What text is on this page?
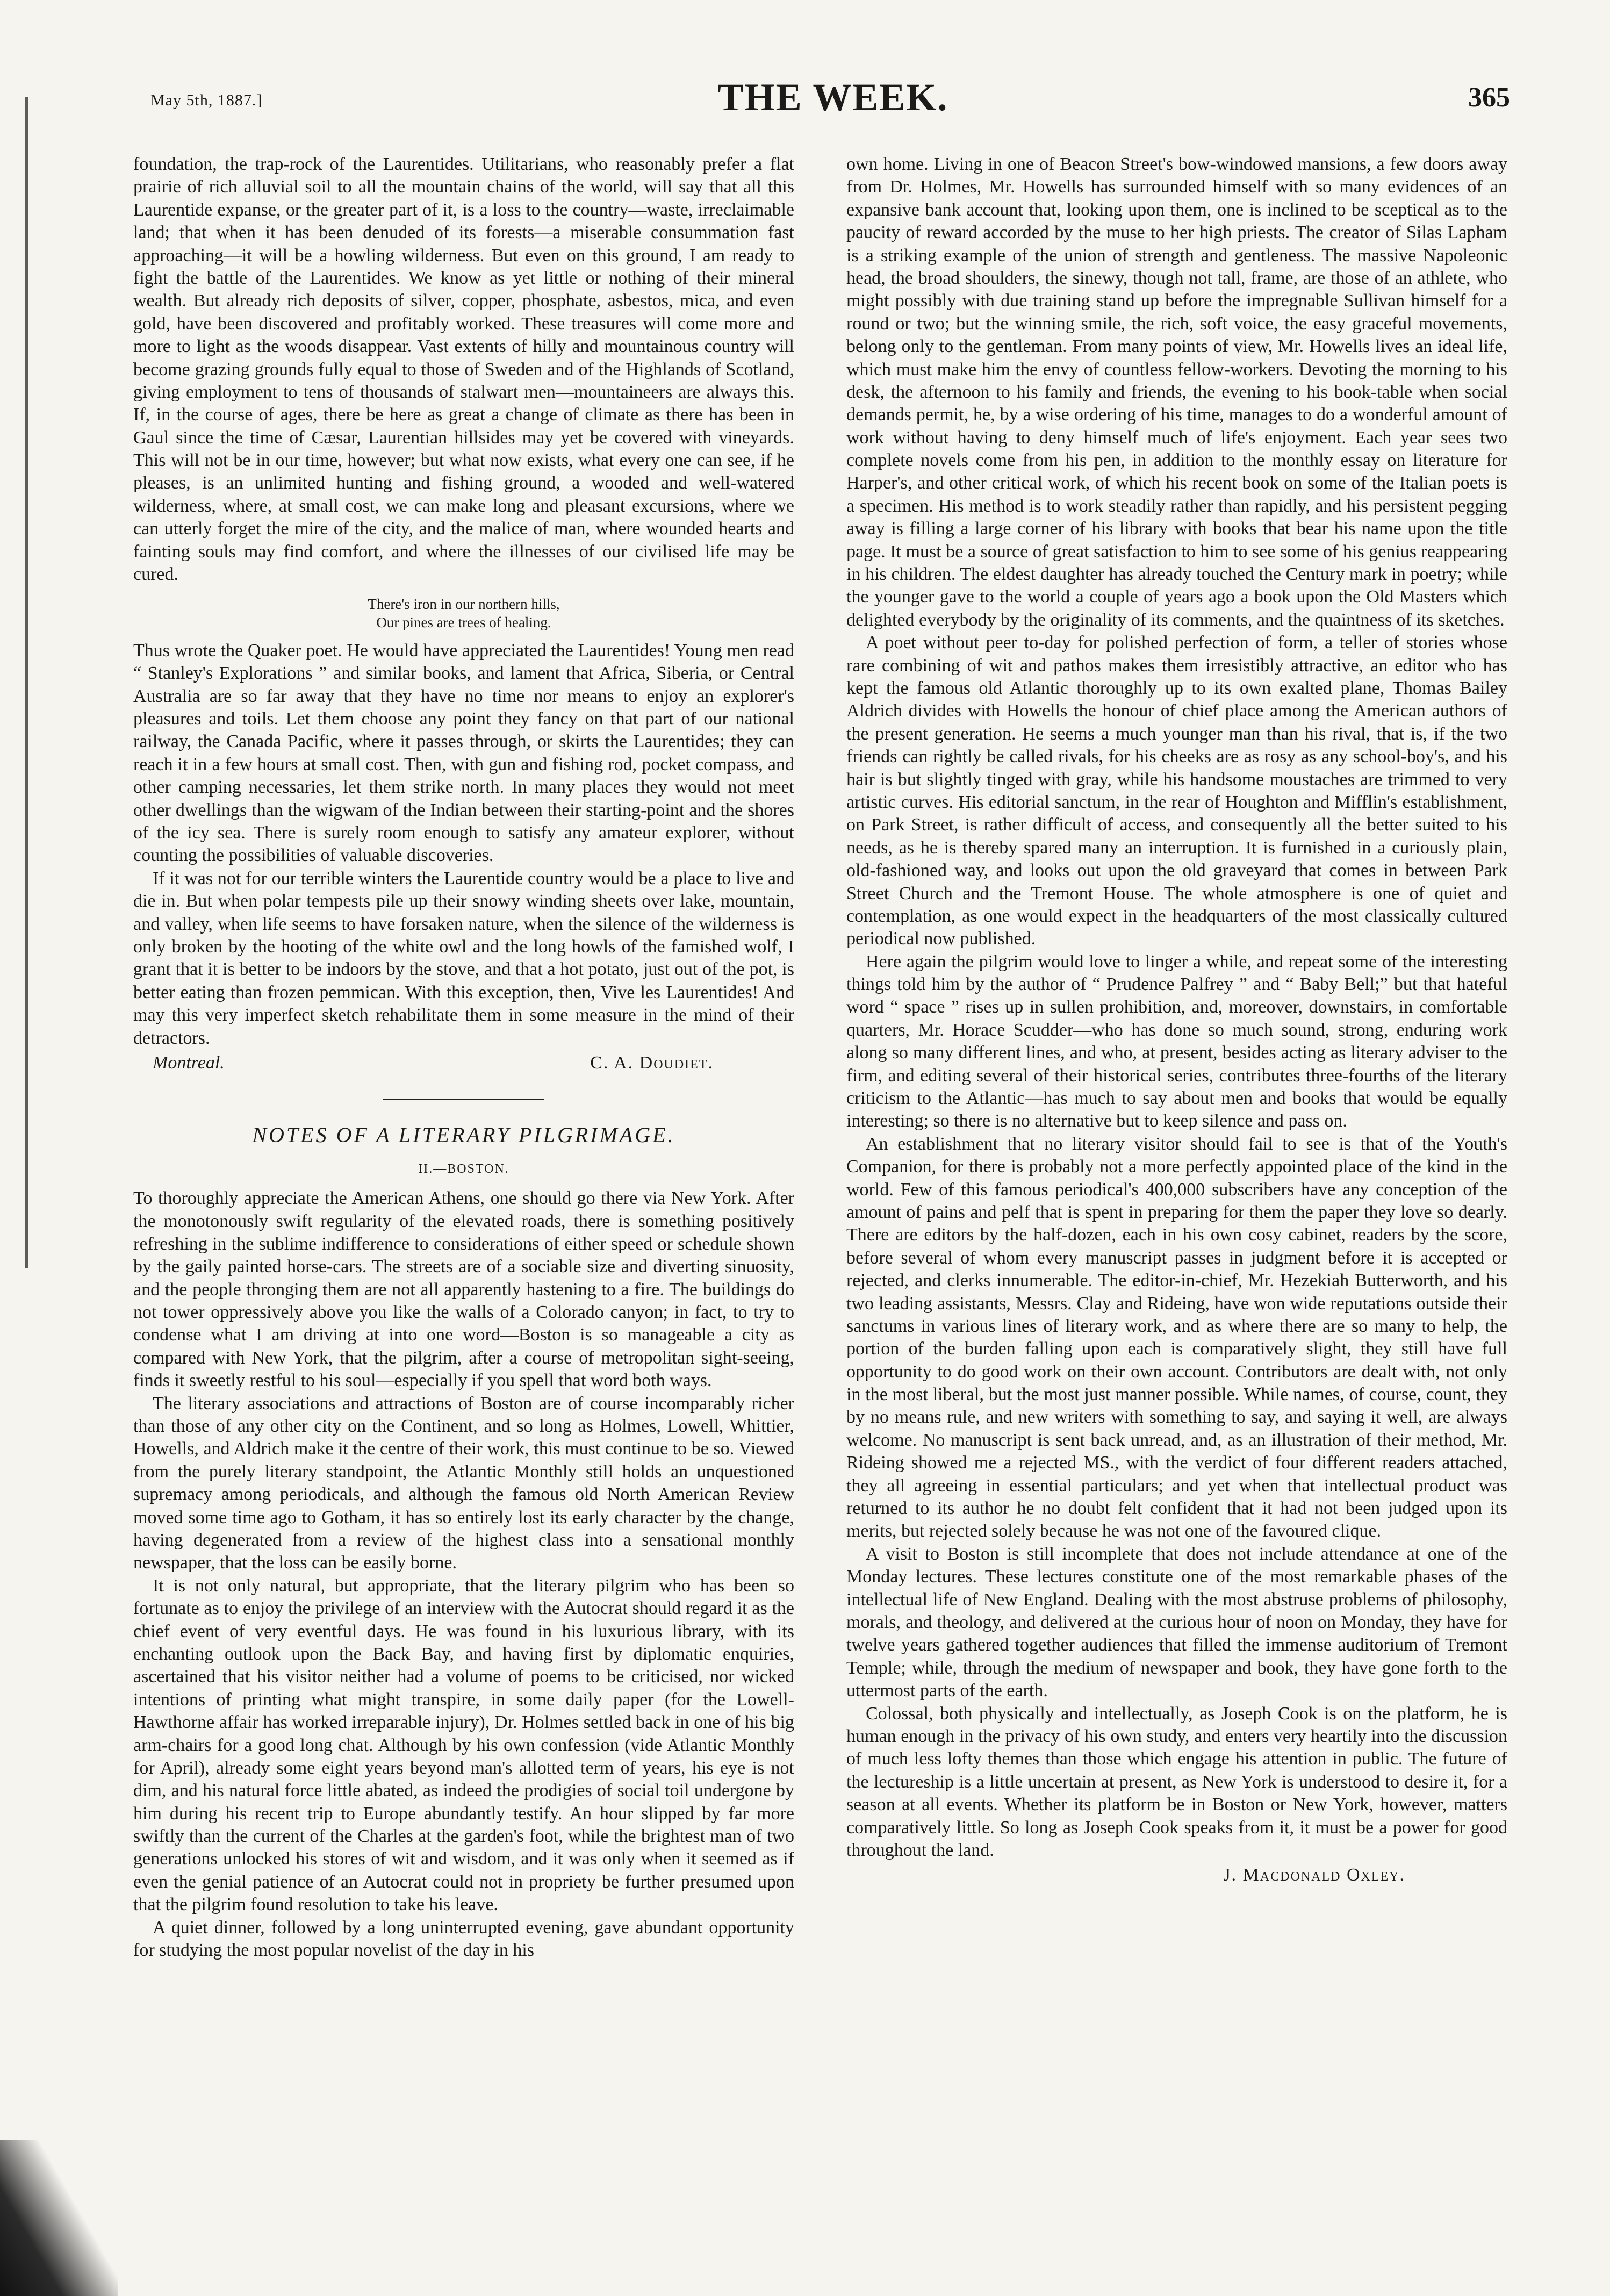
May 5th, 1887.]	THE WEEK.	365

foundation, the trap-rock of the Laurentides. Utilitarians, who reasonably prefer a flat prairie of rich alluvial soil to all the mountain chains of the world, will say that all this Laurentide expanse, or the greater part of it, is a loss to the country—waste, irreclaimable land; that when it has been denuded of its forests—a miserable consummation fast approaching—it will be a howling wilderness. But even on this ground, I am ready to fight the battle of the Laurentides. We know as yet little or nothing of their mineral wealth. But already rich deposits of silver, copper, phosphate, asbestos, mica, and even gold, have been discovered and profitably worked. These treasures will come more and more to light as the woods disappear. Vast extents of hilly and mountainous country will become grazing grounds fully equal to those of Sweden and of the Highlands of Scotland, giving employment to tens of thousands of stalwart men—mountaineers are always this. If, in the course of ages, there be here as great a change of climate as there has been in Gaul since the time of Cæsar, Laurentian hillsides may yet be covered with vineyards. This will not be in our time, however; but what now exists, what every one can see, if he pleases, is an unlimited hunting and fishing ground, a wooded and well-watered wilderness, where, at small cost, we can make long and pleasant excursions, where we can utterly forget the mire of the city, and the malice of man, where wounded hearts and fainting souls may find comfort, and where the illnesses of our civilised life may be cured.

There's iron in our northern hills,
Our pines are trees of healing.

Thus wrote the Quaker poet. He would have appreciated the Laurentides! Young men read “ Stanley's Explorations ” and similar books, and lament that Africa, Siberia, or Central Australia are so far away that they have no time nor means to enjoy an explorer's pleasures and toils. Let them choose any point they fancy on that part of our national railway, the Canada Pacific, where it passes through, or skirts the Laurentides; they can reach it in a few hours at small cost. Then, with gun and fishing rod, pocket compass, and other camping necessaries, let them strike north. In many places they would not meet other dwellings than the wigwam of the Indian between their starting-point and the shores of the icy sea. There is surely room enough to satisfy any amateur explorer, without counting the possibilities of valuable discoveries.

If it was not for our terrible winters the Laurentide country would be a place to live and die in. But when polar tempests pile up their snowy winding sheets over lake, mountain, and valley, when life seems to have forsaken nature, when the silence of the wilderness is only broken by the hooting of the white owl and the long howls of the famished wolf, I grant that it is better to be indoors by the stove, and that a hot potato, just out of the pot, is better eating than frozen pemmican. With this exception, then, Vive les Laurentides! And may this very imperfect sketch rehabilitate them in some measure in the mind of their detractors.

Montreal.	C. A. Doudiet.
NOTES OF A LITERARY PILGRIMAGE.
II.—BOSTON.

To thoroughly appreciate the American Athens, one should go there via New York. After the monotonously swift regularity of the elevated roads, there is something positively refreshing in the sublime indifference to considerations of either speed or schedule shown by the gaily painted horse-cars. The streets are of a sociable size and diverting sinuosity, and the people thronging them are not all apparently hastening to a fire. The buildings do not tower oppressively above you like the walls of a Colorado canyon; in fact, to try to condense what I am driving at into one word—Boston is so manageable a city as compared with New York, that the pilgrim, after a course of metropolitan sight-seeing, finds it sweetly restful to his soul—especially if you spell that word both ways.

The literary associations and attractions of Boston are of course incomparably richer than those of any other city on the Continent, and so long as Holmes, Lowell, Whittier, Howells, and Aldrich make it the centre of their work, this must continue to be so. Viewed from the purely literary standpoint, the Atlantic Monthly still holds an unquestioned supremacy among periodicals, and although the famous old North American Review moved some time ago to Gotham, it has so entirely lost its early character by the change, having degenerated from a review of the highest class into a sensational monthly newspaper, that the loss can be easily borne.

It is not only natural, but appropriate, that the literary pilgrim who has been so fortunate as to enjoy the privilege of an interview with the Autocrat should regard it as the chief event of very eventful days. He was found in his luxurious library, with its enchanting outlook upon the Back Bay, and having first by diplomatic enquiries, ascertained that his visitor neither had a volume of poems to be criticised, nor wicked intentions of printing what might transpire, in some daily paper (for the Lowell-Hawthorne affair has worked irreparable injury), Dr. Holmes settled back in one of his big arm-chairs for a good long chat. Although by his own confession (vide Atlantic Monthly for April), already some eight years beyond man's allotted term of years, his eye is not dim, and his natural force little abated, as indeed the prodigies of social toil undergone by him during his recent trip to Europe abundantly testify. An hour slipped by far more swiftly than the current of the Charles at the garden's foot, while the brightest man of two generations unlocked his stores of wit and wisdom, and it was only when it seemed as if even the genial patience of an Autocrat could not in propriety be further presumed upon that the pilgrim found resolution to take his leave.

A quiet dinner, followed by a long uninterrupted evening, gave abundant opportunity for studying the most popular novelist of the day in his

own home. Living in one of Beacon Street's bow-windowed mansions, a few doors away from Dr. Holmes, Mr. Howells has surrounded himself with so many evidences of an expansive bank account that, looking upon them, one is inclined to be sceptical as to the paucity of reward accorded by the muse to her high priests. The creator of Silas Lapham is a striking example of the union of strength and gentleness. The massive Napoleonic head, the broad shoulders, the sinewy, though not tall, frame, are those of an athlete, who might possibly with due training stand up before the impregnable Sullivan himself for a round or two; but the winning smile, the rich, soft voice, the easy graceful movements, belong only to the gentleman. From many points of view, Mr. Howells lives an ideal life, which must make him the envy of countless fellow-workers. Devoting the morning to his desk, the afternoon to his family and friends, the evening to his book-table when social demands permit, he, by a wise ordering of his time, manages to do a wonderful amount of work without having to deny himself much of life's enjoyment. Each year sees two complete novels come from his pen, in addition to the monthly essay on literature for Harper's, and other critical work, of which his recent book on some of the Italian poets is a specimen. His method is to work steadily rather than rapidly, and his persistent pegging away is filling a large corner of his library with books that bear his name upon the title page. It must be a source of great satisfaction to him to see some of his genius reappearing in his children. The eldest daughter has already touched the Century mark in poetry; while the younger gave to the world a couple of years ago a book upon the Old Masters which delighted everybody by the originality of its comments, and the quaintness of its sketches.

A poet without peer to-day for polished perfection of form, a teller of stories whose rare combining of wit and pathos makes them irresistibly attractive, an editor who has kept the famous old Atlantic thoroughly up to its own exalted plane, Thomas Bailey Aldrich divides with Howells the honour of chief place among the American authors of the present generation. He seems a much younger man than his rival, that is, if the two friends can rightly be called rivals, for his cheeks are as rosy as any school-boy's, and his hair is but slightly tinged with gray, while his handsome moustaches are trimmed to very artistic curves. His editorial sanctum, in the rear of Houghton and Mifflin's establishment, on Park Street, is rather difficult of access, and consequently all the better suited to his needs, as he is thereby spared many an interruption. It is furnished in a curiously plain, old-fashioned way, and looks out upon the old graveyard that comes in between Park Street Church and the Tremont House. The whole atmosphere is one of quiet and contemplation, as one would expect in the headquarters of the most classically cultured periodical now published.

Here again the pilgrim would love to linger a while, and repeat some of the interesting things told him by the author of “ Prudence Palfrey ” and “ Baby Bell;” but that hateful word “ space ” rises up in sullen prohibition, and, moreover, downstairs, in comfortable quarters, Mr. Horace Scudder—who has done so much sound, strong, enduring work along so many different lines, and who, at present, besides acting as literary adviser to the firm, and editing several of their historical series, contributes three-fourths of the literary criticism to the Atlantic—has much to say about men and books that would be equally interesting; so there is no alternative but to keep silence and pass on.

An establishment that no literary visitor should fail to see is that of the Youth's Companion, for there is probably not a more perfectly appointed place of the kind in the world. Few of this famous periodical's 400,000 subscribers have any conception of the amount of pains and pelf that is spent in preparing for them the paper they love so dearly. There are editors by the half-dozen, each in his own cosy cabinet, readers by the score, before several of whom every manuscript passes in judgment before it is accepted or rejected, and clerks innumerable. The editor-in-chief, Mr. Hezekiah Butterworth, and his two leading assistants, Messrs. Clay and Rideing, have won wide reputations outside their sanctums in various lines of literary work, and as where there are so many to help, the portion of the burden falling upon each is comparatively slight, they still have full opportunity to do good work on their own account. Contributors are dealt with, not only in the most liberal, but the most just manner possible. While names, of course, count, they by no means rule, and new writers with something to say, and saying it well, are always welcome. No manuscript is sent back unread, and, as an illustration of their method, Mr. Rideing showed me a rejected MS., with the verdict of four different readers attached, they all agreeing in essential particulars; and yet when that intellectual product was returned to its author he no doubt felt confident that it had not been judged upon its merits, but rejected solely because he was not one of the favoured clique.

A visit to Boston is still incomplete that does not include attendance at one of the Monday lectures. These lectures constitute one of the most remarkable phases of the intellectual life of New England. Dealing with the most abstruse problems of philosophy, morals, and theology, and delivered at the curious hour of noon on Monday, they have for twelve years gathered together audiences that filled the immense auditorium of Tremont Temple; while, through the medium of newspaper and book, they have gone forth to the uttermost parts of the earth.

Colossal, both physically and intellectually, as Joseph Cook is on the platform, he is human enough in the privacy of his own study, and enters very heartily into the discussion of much less lofty themes than those which engage his attention in public. The future of the lectureship is a little uncertain at present, as New York is understood to desire it, for a season at all events. Whether its platform be in Boston or New York, however, matters comparatively little. So long as Joseph Cook speaks from it, it must be a power for good throughout the land.

J. Macdonald Oxley.
